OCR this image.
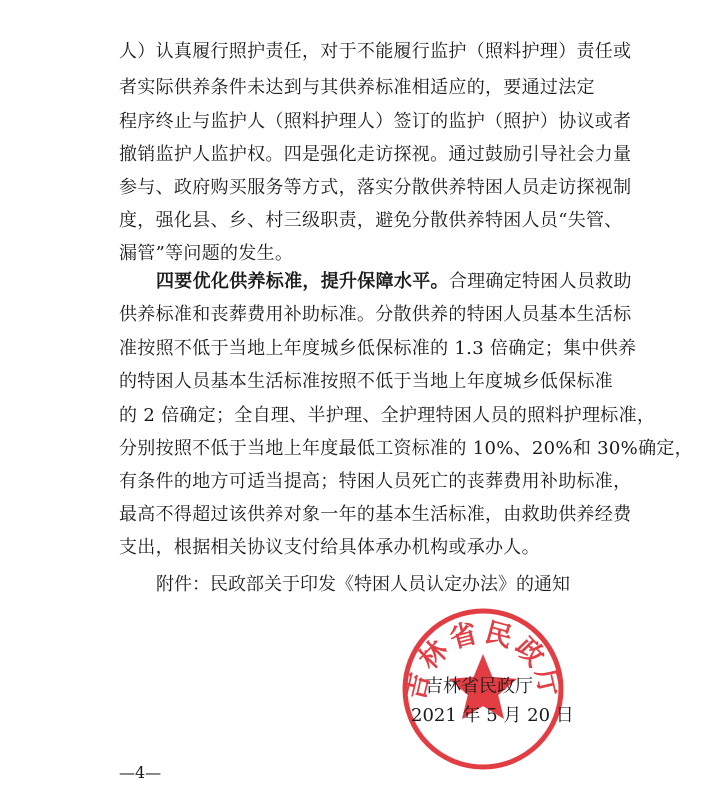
人）认真履行照护责任，对于不能履行监护（照料护理）责任或
者实际供养条件未达到与其供养标准相适应的，要通过法定
程序终止与监护人（照料护理人）签订的监护（照护）协议或者
撤销监护人监护权。四是强化走访探视。通过鼓励引导社会力量
参与、政府购买服务等方式，落实分散供养特困人员走访探视制
度，强化县、乡、村三级职责，避免分散供养特困人员“失管、
漏管”等问题的发生。
四要优化供养标准，提升保障水平。合理确定特困人员救助
供养标准和丧葬费用补助标准。分散供养的特困人员基本生活标
准按照不低于当地上年度城乡低保标准的 1.3 倍确定；集中供养
的特困人员基本生活标准按照不低于当地上年度城乡低保标准
的 2 倍确定；全自理、半护理、全护理特困人员的照料护理标准，
分别按照不低于当地上年度最低工资标准的 10%、20%和 30%确定，
有条件的地方可适当提高；特困人员死亡的丧葬费用补助标准，
最高不得超过该供养对象一年的基本生活标准，由救助供养经费
支出，根据相关协议支付给具体承办机构或承办人。
附件：民政部关于印发《特困人员认定办法》的通知
吉林省民政厅
吉林省民政厅
2021 年 5 月 20 日
—4—
